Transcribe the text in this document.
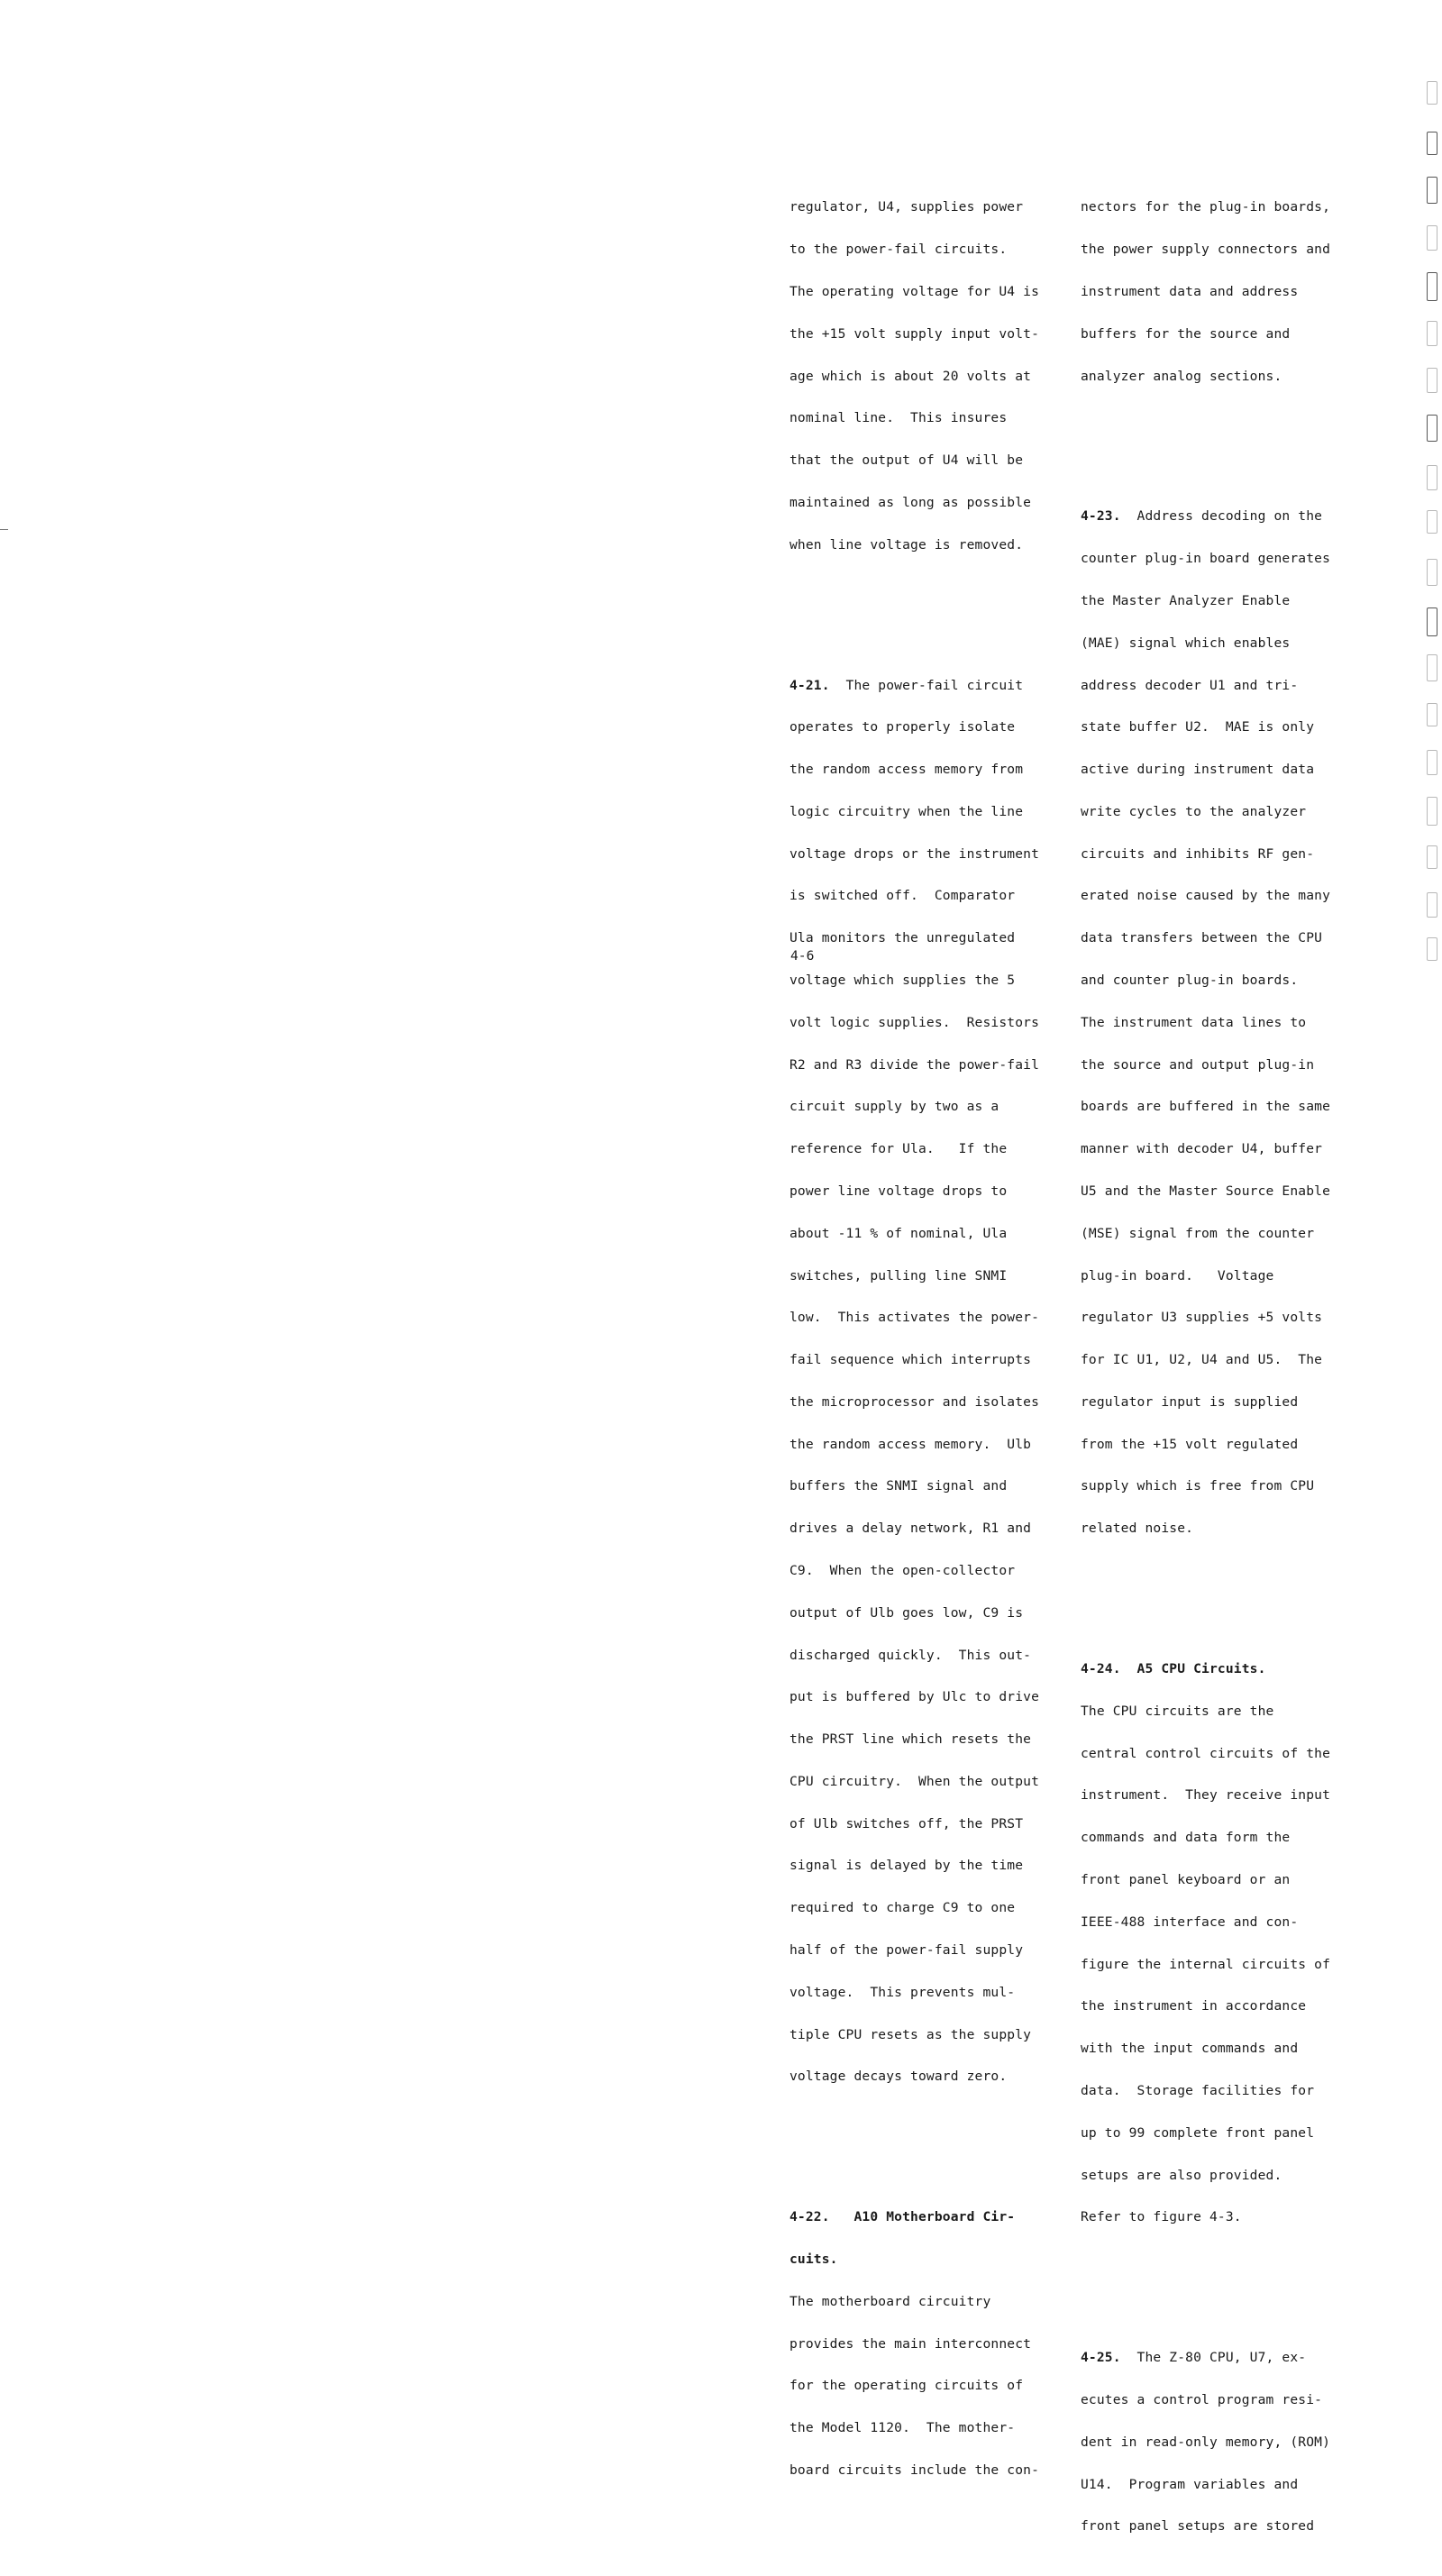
regulator, U4, supplies power

to the power-fail circuits.

The operating voltage for U4 is

the +15 volt supply input volt-

age which is about 20 volts at

nominal line.  This insures

that the output of U4 will be

maintained as long as possible

when line voltage is removed.

4-21.  The power-fail circuit

operates to properly isolate

the random access memory from

logic circuitry when the line

voltage drops or the instrument

is switched off.  Comparator

Ula monitors the unregulated

voltage which supplies the 5

volt logic supplies.  Resistors

R2 and R3 divide the power-fail

circuit supply by two as a

reference for Ula.   If the

power line voltage drops to

about -11 % of nominal, Ula

switches, pulling line SNMI

low.  This activates the power-

fail sequence which interrupts

the microprocessor and isolates

the random access memory.  Ulb

buffers the SNMI signal and

drives a delay network, R1 and

C9.  When the open-collector

output of Ulb goes low, C9 is

discharged quickly.  This out-

put is buffered by Ulc to drive

the PRST line which resets the

CPU circuitry.  When the output

of Ulb switches off, the PRST

signal is delayed by the time

required to charge C9 to one

half of the power-fail supply

voltage.  This prevents mul-

tiple CPU resets as the supply

voltage decays toward zero.

4-22.   A10 Motherboard Cir-

cuits.

The motherboard circuitry

provides the main interconnect

for the operating circuits of

the Model 1120.  The mother-

board circuits include the con-

nectors for the plug-in boards,

the power supply connectors and

instrument data and address

buffers for the source and

analyzer analog sections.

4-23.  Address decoding on the

counter plug-in board generates

the Master Analyzer Enable

(MAE) signal which enables

address decoder U1 and tri-

state buffer U2.  MAE is only

active during instrument data

write cycles to the analyzer

circuits and inhibits RF gen-

erated noise caused by the many

data transfers between the CPU

and counter plug-in boards.

The instrument data lines to

the source and output plug-in

boards are buffered in the same

manner with decoder U4, buffer

U5 and the Master Source Enable

(MSE) signal from the counter

plug-in board.   Voltage

regulator U3 supplies +5 volts

for IC U1, U2, U4 and U5.  The

regulator input is supplied

from the +15 volt regulated

supply which is free from CPU

related noise.

4-24.  A5 CPU Circuits.

The CPU circuits are the

central control circuits of the

instrument.  They receive input

commands and data form the

front panel keyboard or an

IEEE-488 interface and con-

figure the internal circuits of

the instrument in accordance

with the input commands and

data.  Storage facilities for

up to 99 complete front panel

setups are also provided.

Refer to figure 4-3.

4-25.  The Z-80 CPU, U7, ex-

ecutes a control program resi-

dent in read-only memory, (ROM)

U14.  Program variables and

front panel setups are stored

4-6
